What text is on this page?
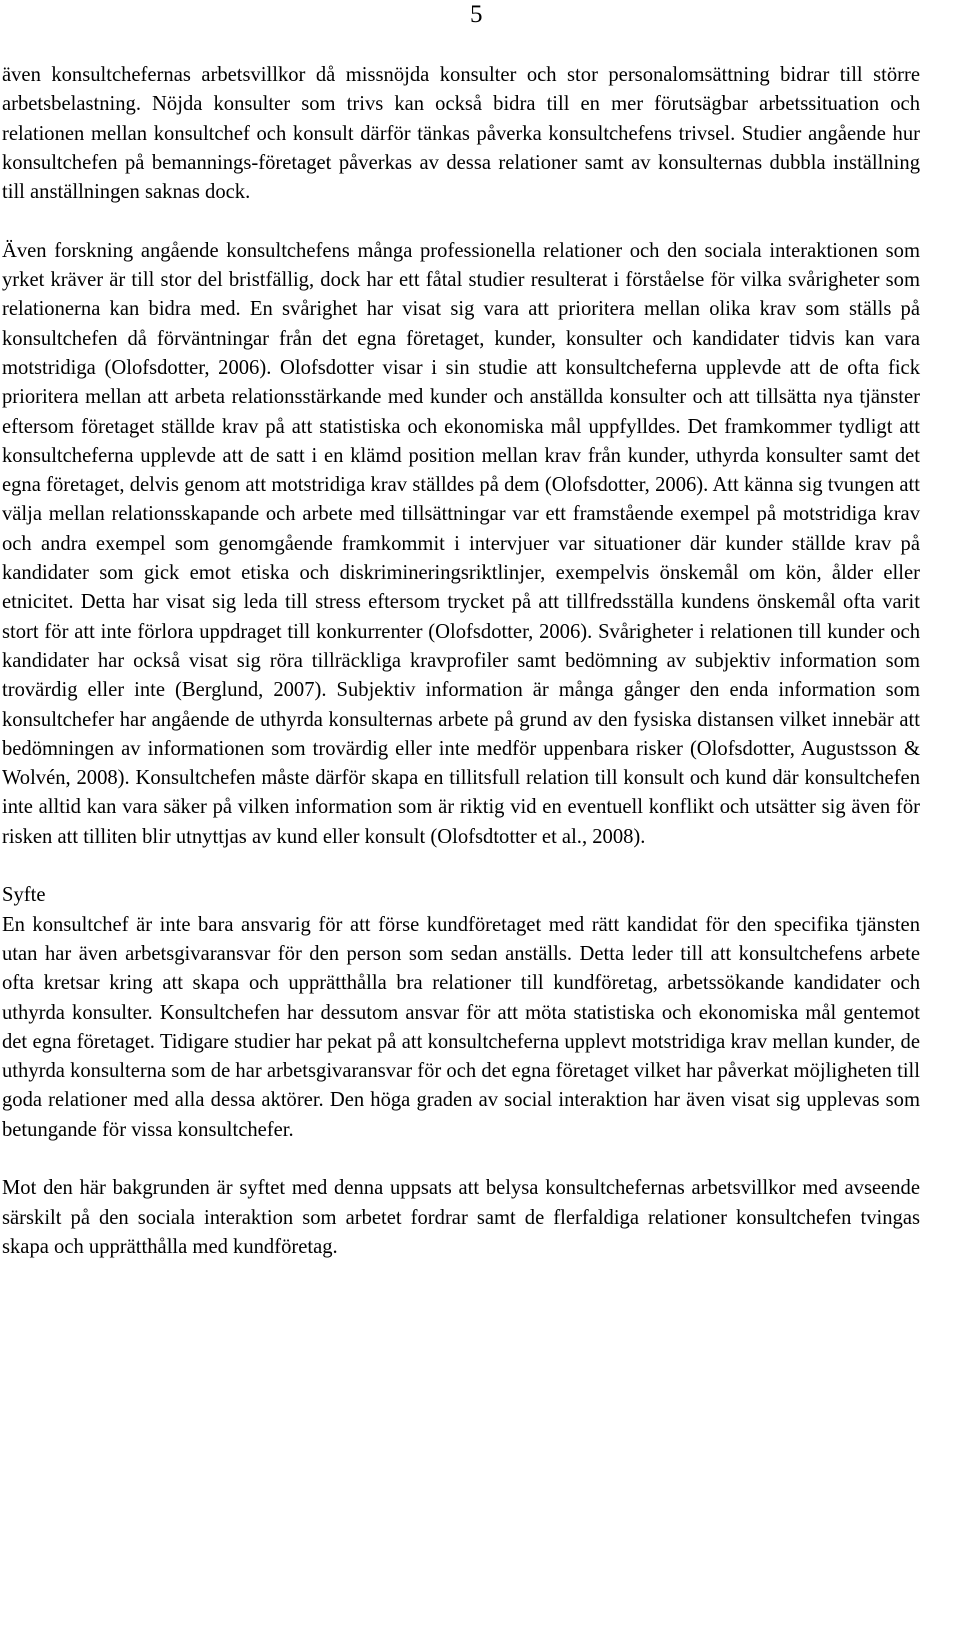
5

även konsultchefernas arbetsvillkor då missnöjda konsulter och stor personalomsättning bidrar till större arbetsbelastning. Nöjda konsulter som trivs kan också bidra till en mer förutsägbar arbetssituation och relationen mellan konsultchef och konsult därför tänkas påverka konsultchefens trivsel. Studier angående hur konsultchefen på bemannings-företaget påverkas av dessa relationer samt av konsulternas dubbla inställning till anställningen saknas dock.

Även forskning angående konsultchefens många professionella relationer och den sociala interaktionen som yrket kräver är till stor del bristfällig, dock har ett fåtal studier resulterat i förståelse för vilka svårigheter som relationerna kan bidra med. En svårighet har visat sig vara att prioritera mellan olika krav som ställs på konsultchefen då förväntningar från det egna företaget, kunder, konsulter och kandidater tidvis kan vara motstridiga (Olofsdotter, 2006). Olofsdotter visar i sin studie att konsultcheferna upplevde att de ofta fick prioritera mellan att arbeta relationsstärkande med kunder och anställda konsulter och att tillsätta nya tjänster eftersom företaget ställde krav på att statistiska och ekonomiska mål uppfylldes. Det framkommer tydligt att konsultcheferna upplevde att de satt i en klämd position mellan krav från kunder, uthyrda konsulter samt det egna företaget, delvis genom att motstridiga krav ställdes på dem (Olofsdotter, 2006). Att känna sig tvungen att välja mellan relationsskapande och arbete med tillsättningar var ett framstående exempel på motstridiga krav och andra exempel som genomgående framkommit i intervjuer var situationer där kunder ställde krav på kandidater som gick emot etiska och diskrimineringsriktlinjer, exempelvis önskemål om kön, ålder eller etnicitet. Detta har visat sig leda till stress eftersom trycket på att tillfredsställa kundens önskemål ofta varit stort för att inte förlora uppdraget till konkurrenter (Olofsdotter, 2006). Svårigheter i relationen till kunder och kandidater har också visat sig röra tillräckliga kravprofiler samt bedömning av subjektiv information som trovärdig eller inte (Berglund, 2007). Subjektiv information är många gånger den enda information som konsultchefer har angående de uthyrda konsulternas arbete på grund av den fysiska distansen vilket innebär att bedömningen av informationen som trovärdig eller inte medför uppenbara risker (Olofsdotter, Augustsson & Wolvén, 2008). Konsultchefen måste därför skapa en tillitsfull relation till konsult och kund där konsultchefen inte alltid kan vara säker på vilken information som är riktig vid en eventuell konflikt och utsätter sig även för risken att tilliten blir utnyttjas av kund eller konsult (Olofsdtotter et al., 2008).

Syfte

En konsultchef är inte bara ansvarig för att förse kundföretaget med rätt kandidat för den specifika tjänsten utan har även arbetsgivaransvar för den person som sedan anställs. Detta leder till att konsultchefens arbete ofta kretsar kring att skapa och upprätthålla bra relationer till kundföretag, arbetssökande kandidater och uthyrda konsulter. Konsultchefen har dessutom ansvar för att möta statistiska och ekonomiska mål gentemot det egna företaget. Tidigare studier har pekat på att konsultcheferna upplevt motstridiga krav mellan kunder, de uthyrda konsulterna som de har arbetsgivaransvar för och det egna företaget vilket har påverkat möjligheten till goda relationer med alla dessa aktörer. Den höga graden av social interaktion har även visat sig upplevas som betungande för vissa konsultchefer.

Mot den här bakgrunden är syftet med denna uppsats att belysa konsultchefernas arbetsvillkor med avseende särskilt på den sociala interaktion som arbetet fordrar samt de flerfaldiga relationer konsultchefen tvingas skapa och upprätthålla med kundföretag.
